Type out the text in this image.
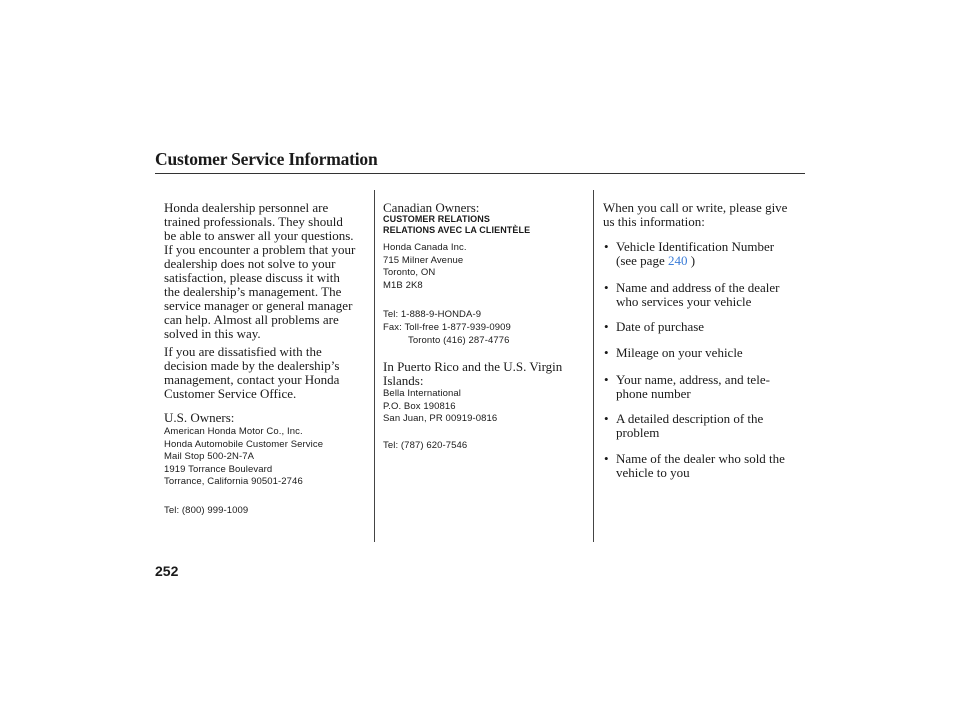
Customer Service Information

Honda dealership personnel are
trained professionals. They should
be able to answer all your questions.
If you encounter a problem that your
dealership does not solve to your
satisfaction, please discuss it with
the dealership’s management. The
service manager or general manager
can help. Almost all problems are
solved in this way.

If you are dissatisfied with the
decision made by the dealership’s
management, contact your Honda
Customer Service Office.

U.S. Owners:

American Honda Motor Co., Inc.
Honda Automobile Customer Service
Mail Stop 500-2N-7A
1919 Torrance Boulevard
Torrance, California 90501-2746

Tel: (800) 999-1009

Canadian Owners:

CUSTOMER RELATIONS
RELATIONS AVEC LA CLIENTÈLE

Honda Canada Inc.
715 Milner Avenue
Toronto, ON
M1B 2K8

Tel: 1-888-9-HONDA-9

Fax: Toll-free 1-877-939-0909

Toronto (416) 287-4776

In Puerto Rico and the U.S. Virgin
Islands:

Bella International
P.O. Box 190816
San Juan, PR 00919-0816

Tel: (787) 620-7546

When you call or write, please give
us this information:

• Vehicle Identification Number
(see page 240 )
• Name and address of the dealer
who services your vehicle
• Date of purchase
• Mileage on your vehicle
• Your name, address, and tele-
phone number
• A detailed description of the
problem
• Name of the dealer who sold the
vehicle to you
252
